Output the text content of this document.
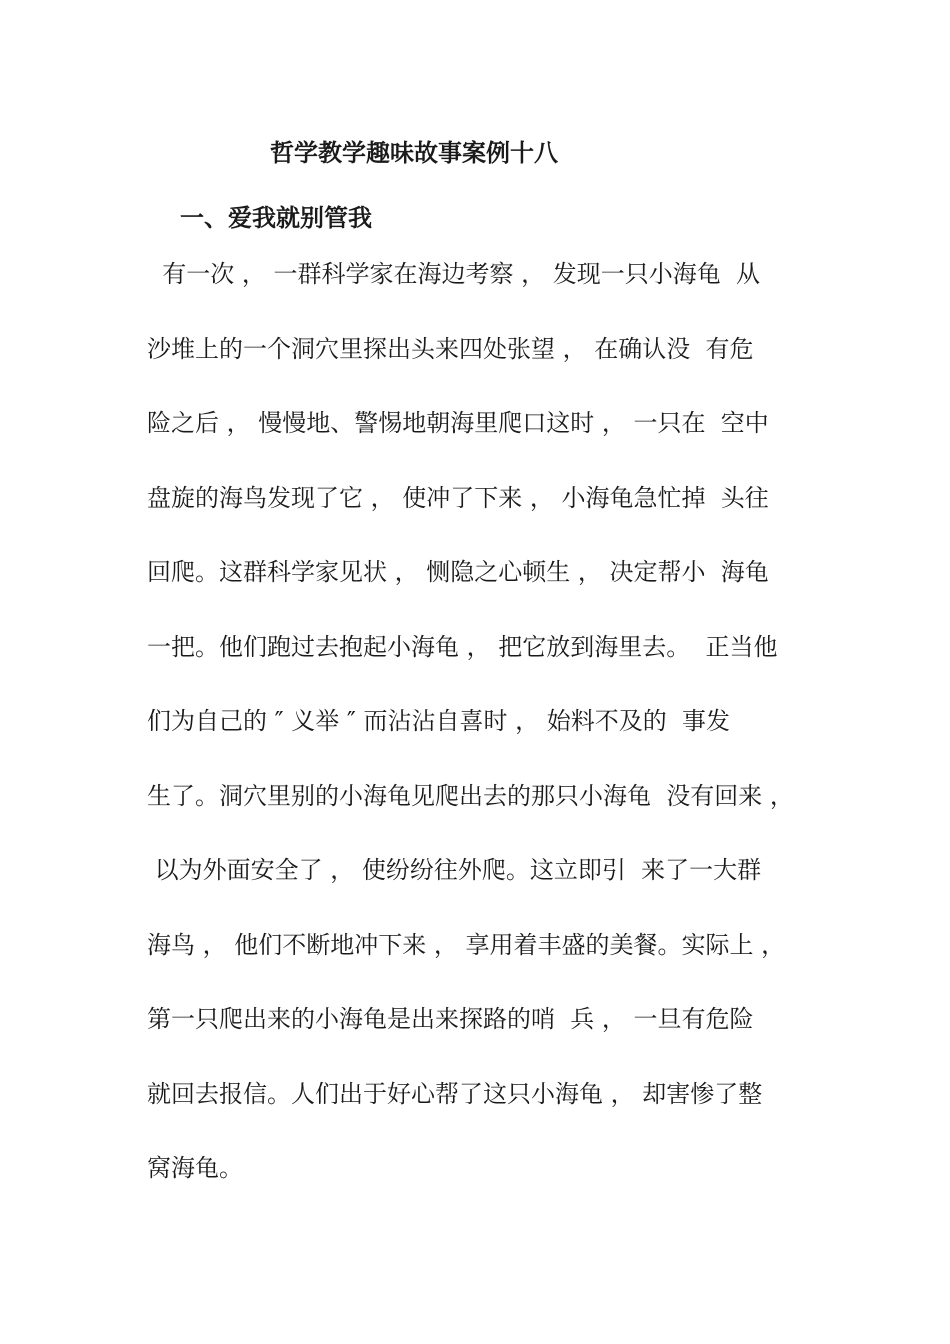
哲学教学趣味故事案例十八
一、爱我就别管我
有一次 ， 一群科学家在海边考察 ， 发现一只小海龟  从
沙堆上的一个洞穴里探出头来四处张望 ， 在确认没  有危
险之后 ， 慢慢地、警惕地朝海里爬口这时 ， 一只在  空中
盘旋的海鸟发现了它 ， 使冲了下来 ， 小海龟急忙掉  头往
回爬。这群科学家见状 ， 恻隐之心顿生 ， 决定帮小  海龟
一把。他们跑过去抱起小海龟 ， 把它放到海里去。  正当他
们为自己的 ″ 义举 ″ 而沾沾自喜时 ， 始料不及的  事发
生了。洞穴里别的小海龟见爬出去的那只小海龟  没有回来 ，
以为外面安全了 ， 使纷纷往外爬。这立即引  来了一大群
海鸟 ， 他们不断地冲下来 ， 享用着丰盛的美餐。实际上 ，
第一只爬出来的小海龟是出来探路的哨  兵 ， 一旦有危险
就回去报信。人们出于好心帮了这只小海龟 ， 却害惨了整
窝海龟。
